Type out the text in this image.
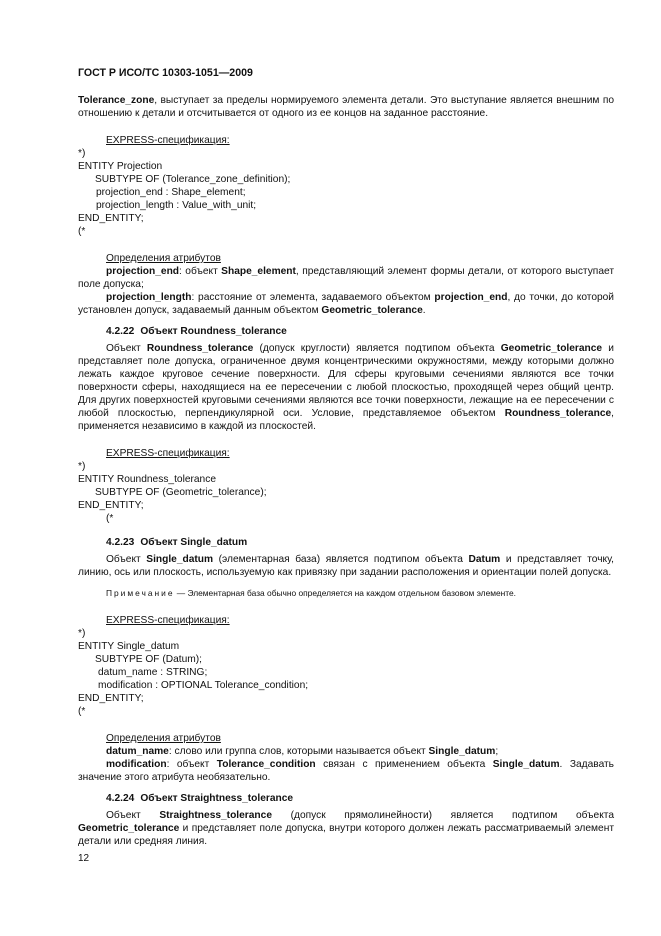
ГОСТ Р ИСО/ТС 10303-1051—2009

Tolerance_zone, выступает за пределы нормируемого элемента детали. Это выступание является внешним по отношению к детали и отсчитывается от одного из ее концов на заданное расстояние.

EXPRESS-спецификация:
*)
ENTITY Projection
SUBTYPE OF (Tolerance_zone_definition);
projection_end : Shape_element;
projection_length : Value_with_unit;
END_ENTITY;
(*
Определения атрибутов

projection_end: объект Shape_element, представляющий элемент формы детали, от которого выступает поле допуска;

projection_length: расстояние от элемента, задаваемого объектом projection_end, до точки, до которой установлен допуск, задаваемый данным объектом Geometric_tolerance.

4.2.22 Объект Roundness_tolerance

Объект Roundness_tolerance (допуск круглости) является подтипом объекта Geometric_tolerance и представляет поле допуска, ограниченное двумя концентрическими окружностями, между которыми должно лежать каждое круговое сечение поверхности. Для сферы круговыми сечениями являются все точки поверхности сферы, находящиеся на ее пересечении с любой плоскостью, проходящей через общий центр. Для других поверхностей круговыми сечениями являются все точки поверхности, лежащие на ее пересечении с любой плоскостью, перпендикулярной оси. Условие, представляемое объектом Roundness_tolerance, применяется независимо в каждой из плоскостей.

EXPRESS-спецификация:
*)
ENTITY Roundness_tolerance
SUBTYPE OF (Geometric_tolerance);
END_ENTITY;
(*
4.2.23 Объект Single_datum

Объект Single_datum (элементарная база) является подтипом объекта Datum и представляет точку, линию, ось или плоскость, используемую как привязку при задании расположения и ориентации полей допуска.

Примечание — Элементарная база обычно определяется на каждом отдельном базовом элементе.
EXPRESS-спецификация:
*)
ENTITY Single_datum
SUBTYPE OF (Datum);
datum_name : STRING;
modification : OPTIONAL Tolerance_condition;
END_ENTITY;
(*
Определения атрибутов

datum_name: слово или группа слов, которыми называется объект Single_datum;

modification: объект Tolerance_condition связан с применением объекта Single_datum. Задавать значение этого атрибута необязательно.

4.2.24 Объект Straightness_tolerance

Объект Straightness_tolerance (допуск прямолинейности) является подтипом объекта Geometric_tolerance и представляет поле допуска, внутри которого должен лежать рассматриваемый элемент детали или средняя линия.

12
